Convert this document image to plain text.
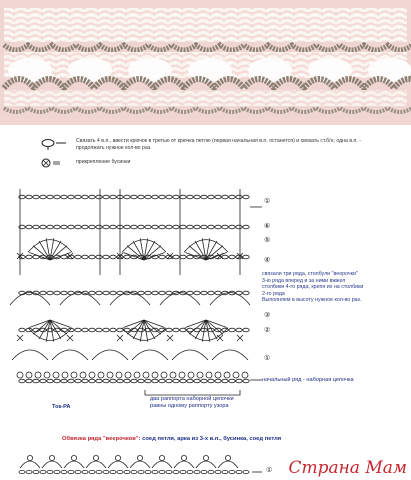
Связать 4 в.п., ввести крючок в третью от крючка петлю (первая начальная в.п. останется) и связать ст.б/н; одна в.п. - продолжать нужное кол-во раз.
прикрепление бусинки
①
⑥
⑤
④
③
②
①
связали три ряда, столбули "веерочки"
3-ю ряда вперед и за ними вжжел
столбики 4-го ряда, крепя их на столбики
2-го ряда
Выполняем в высоту нужное кол-во раз.
начальный ряд - наборная цепочка
два раппорта наборной цепочки
равны одному раппорту узора
Ток-РА
Обвязка ряда "веерочков": соед петля, арка из 3-х в.п., бусинка, соед петля
① Страна Мам
